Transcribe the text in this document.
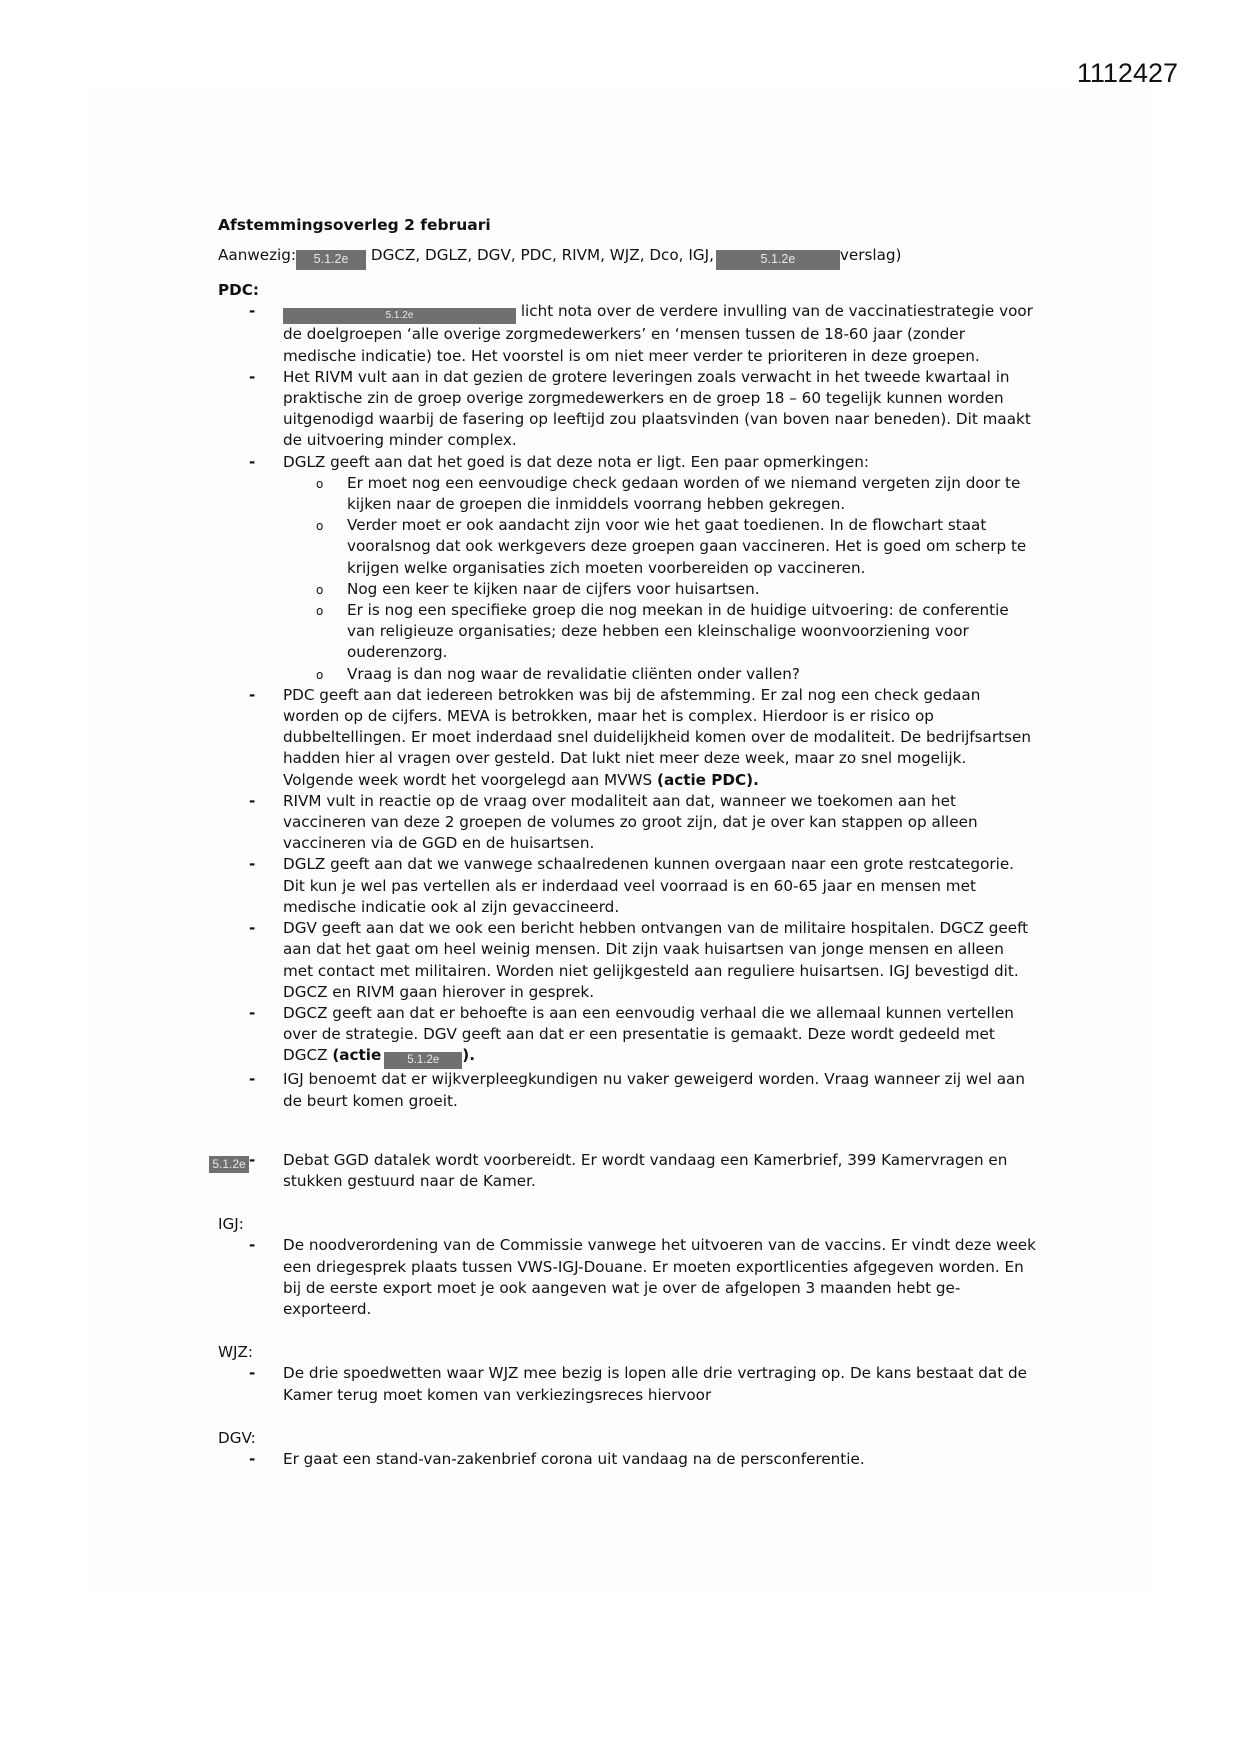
1112427

Afstemmingsoverleg 2 februari

Aanwezig: 5.1.2e DGCZ, DGLZ, DGV, PDC, RIVM, WJZ, Dco, IGJ,	5.1.2e	verslag)

PDC:

- 5.1.2e	licht nota over de verdere invulling van de vaccinatiestrategie voor de doelgroepen ‘alle overige zorgmedewerkers’ en ‘mensen tussen de 18-60 jaar (zonder medische indicatie) toe. Het voorstel is om niet meer verder te prioriteren in deze groepen.
- Het RIVM vult aan in dat gezien de grotere leveringen zoals verwacht in het tweede kwartaal in praktische zin de groep overige zorgmedewerkers en de groep 18 – 60 tegelijk kunnen worden uitgenodigd waarbij de fasering op leeftijd zou plaatsvinden (van boven naar beneden). Dit maakt de uitvoering minder complex.
- DGLZ geeft aan dat het goed is dat deze nota er ligt. Een paar opmerkingen:
o Er moet nog een eenvoudige check gedaan worden of we niemand vergeten zijn door te kijken naar de groepen die inmiddels voorrang hebben gekregen.
o Verder moet er ook aandacht zijn voor wie het gaat toedienen. In de flowchart staat vooralsnog dat ook werkgevers deze groepen gaan vaccineren. Het is goed om scherp te krijgen welke organisaties zich moeten voorbereiden op vaccineren.
o Nog een keer te kijken naar de cijfers voor huisartsen.
o Er is nog een specifieke groep die nog meekan in de huidige uitvoering: de conferentie van religieuze organisaties; deze hebben een kleinschalige woonvoorziening voor ouderenzorg.
o Vraag is dan nog waar de revalidatie cliënten onder vallen?
- PDC geeft aan dat iedereen betrokken was bij de afstemming. Er zal nog een check gedaan worden op de cijfers. MEVA is betrokken, maar het is complex. Hierdoor is er risico op dubbeltellingen. Er moet inderdaad snel duidelijkheid komen over de modaliteit. De bedrijfsartsen hadden hier al vragen over gesteld. Dat lukt niet meer deze week, maar zo snel mogelijk. Volgende week wordt het voorgelegd aan MVWS (actie PDC).
- RIVM vult in reactie op de vraag over modaliteit aan dat, wanneer we toekomen aan het vaccineren van deze 2 groepen de volumes zo groot zijn, dat je over kan stappen op alleen vaccineren via de GGD en de huisartsen.
- DGLZ geeft aan dat we vanwege schaalredenen kunnen overgaan naar een grote restcategorie. Dit kun je wel pas vertellen als er inderdaad veel voorraad is en 60-65 jaar en mensen met medische indicatie ook al zijn gevaccineerd.
- DGV geeft aan dat we ook een bericht hebben ontvangen van de militaire hospitalen. DGCZ geeft aan dat het gaat om heel weinig mensen. Dit zijn vaak huisartsen van jonge mensen en alleen met contact met militairen. Worden niet gelijkgesteld aan reguliere huisartsen. IGJ bevestigd dit. DGCZ en RIVM gaan hierover in gesprek.
- DGCZ geeft aan dat er behoefte is aan een eenvoudig verhaal die we allemaal kunnen vertellen over de strategie. DGV geeft aan dat er een presentatie is gemaakt. Deze wordt gedeeld met DGCZ (actie 5.1.2e ).
- IGJ benoemt dat er wijkverpleegkundigen nu vaker geweigerd worden. Vraag wanneer zij wel aan de beurt komen groeit.
- Debat GGD datalek wordt voorbereidt. Er wordt vandaag een Kamerbrief, 399 Kamervragen en stukken gestuurd naar de Kamer.

IGJ:

- De noodverordening van de Commissie vanwege het uitvoeren van de vaccins. Er vindt deze week een driegesprek plaats tussen VWS-IGJ-Douane. Er moeten exportlicenties afgegeven worden. En bij de eerste export moet je ook aangeven wat je over de afgelopen 3 maanden hebt ge-exporteerd.

WJZ:

- De drie spoedwetten waar WJZ mee bezig is lopen alle drie vertraging op. De kans bestaat dat de Kamer terug moet komen van verkiezingsreces hiervoor

DGV:

- Er gaat een stand-van-zakenbrief corona uit vandaag na de persconferentie.
5.1.2e
